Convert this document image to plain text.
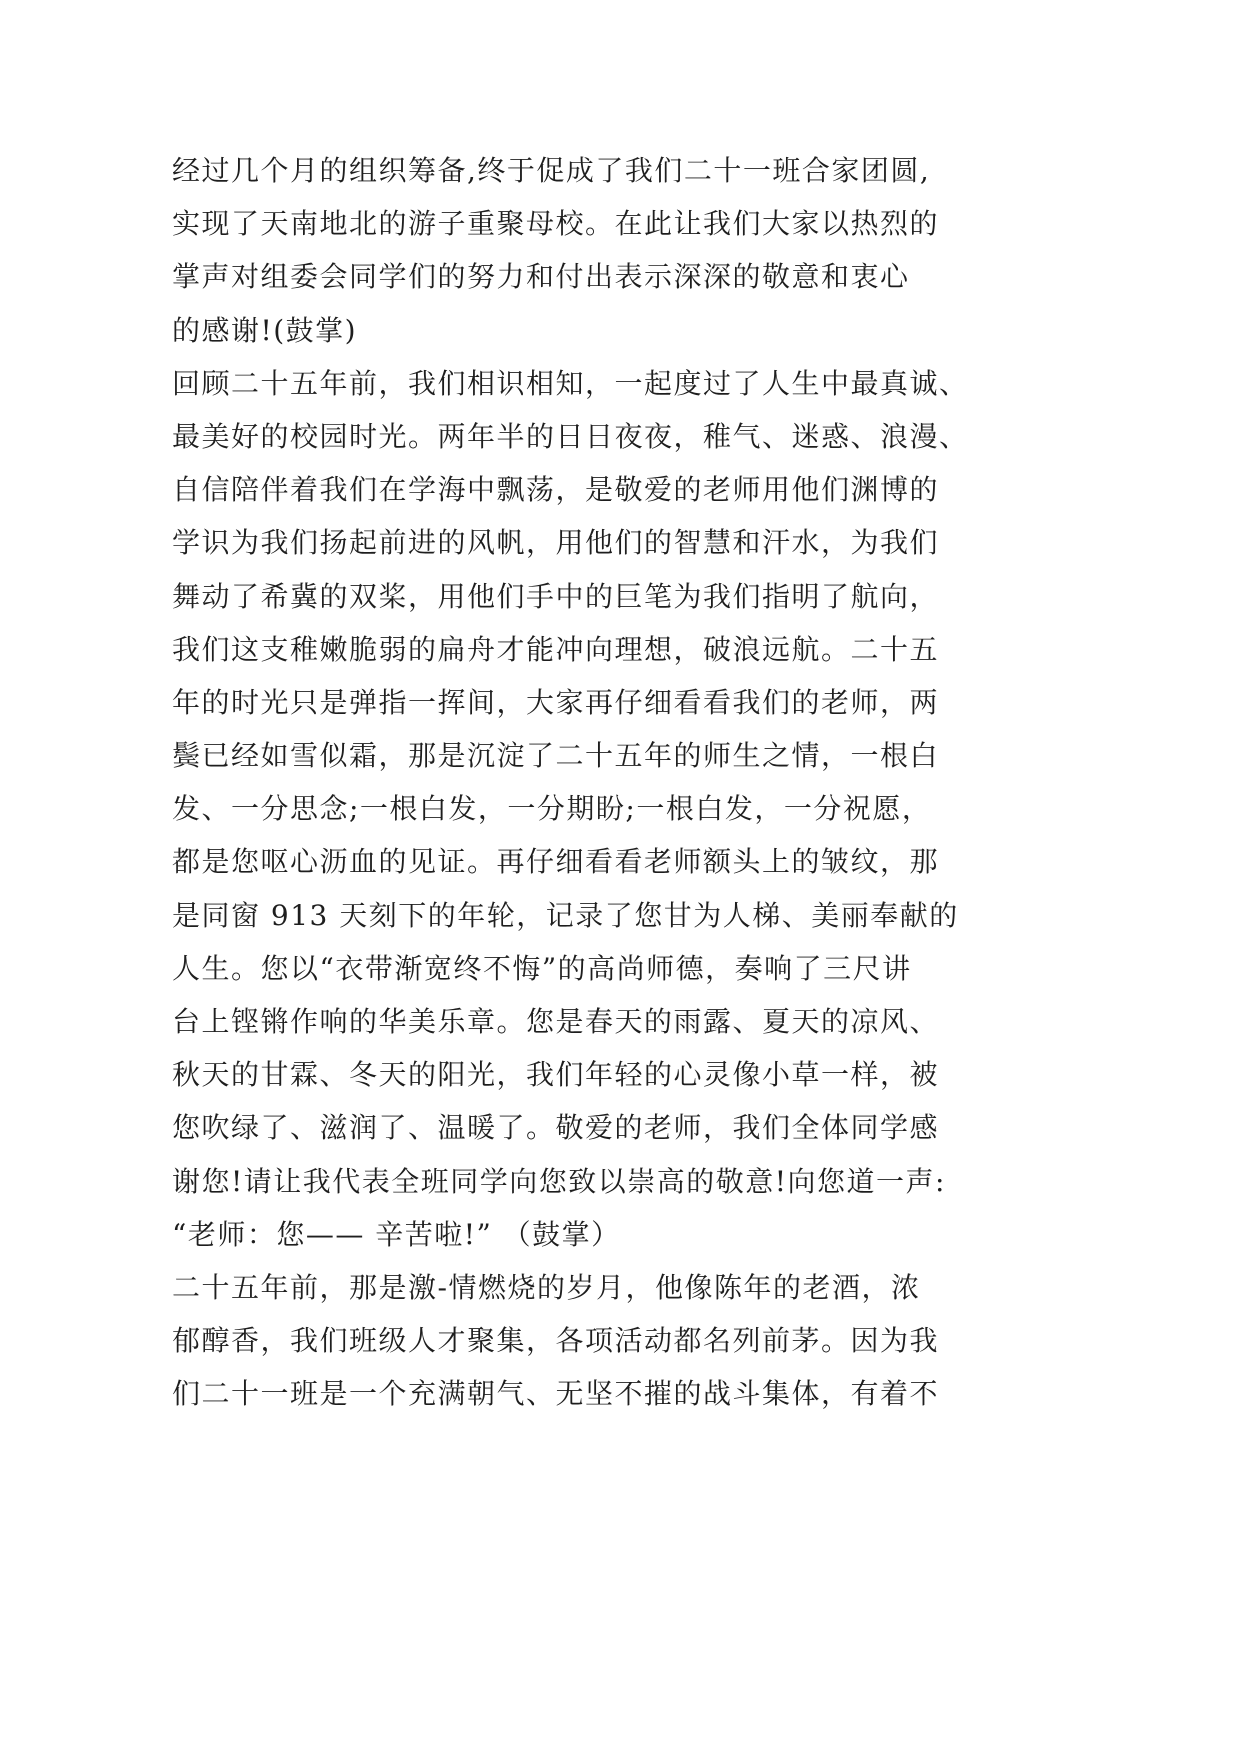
经过几个月的组织筹备,终于促成了我们二十一班合家团圆,
实现了天南地北的游子重聚母校。在此让我们大家以热烈的
掌声对组委会同学们的努力和付出表示深深的敬意和衷心
的感谢!(鼓掌)
回顾二十五年前，我们相识相知，一起度过了人生中最真诚、
最美好的校园时光。两年半的日日夜夜，稚气、迷惑、浪漫、
自信陪伴着我们在学海中飘荡，是敬爱的老师用他们渊博的
学识为我们扬起前进的风帆，用他们的智慧和汗水，为我们
舞动了希冀的双桨，用他们手中的巨笔为我们指明了航向，
我们这支稚嫩脆弱的扁舟才能冲向理想，破浪远航。二十五
年的时光只是弹指一挥间，大家再仔细看看我们的老师，两
鬓已经如雪似霜，那是沉淀了二十五年的师生之情，一根白
发、一分思念;一根白发，一分期盼;一根白发，一分祝愿，
都是您呕心沥血的见证。再仔细看看老师额头上的皱纹，那
是同窗 913 天刻下的年轮，记录了您甘为人梯、美丽奉献的
人生。您以“衣带渐宽终不悔”的高尚师德，奏响了三尺讲
台上铿锵作响的华美乐章。您是春天的雨露、夏天的凉风、
秋天的甘霖、冬天的阳光，我们年轻的心灵像小草一样，被
您吹绿了、滋润了、温暖了。敬爱的老师，我们全体同学感
谢您!请让我代表全班同学向您致以崇高的敬意!向您道一声:
“老师：您—— 辛苦啦!” （鼓掌）
二十五年前，那是激-情燃烧的岁月，他像陈年的老酒，浓
郁醇香，我们班级人才聚集，各项活动都名列前茅。因为我
们二十一班是一个充满朝气、无坚不摧的战斗集体，有着不
